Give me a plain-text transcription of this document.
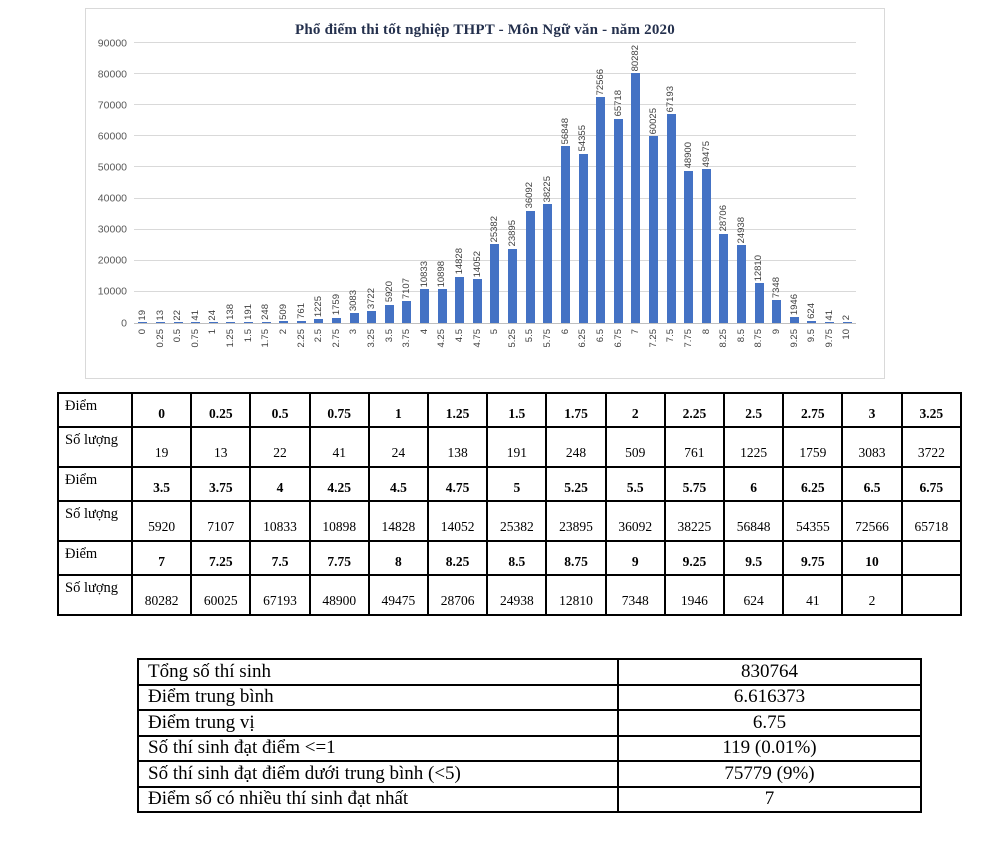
Phổ điểm thi tốt nghiệp THPT - Môn Ngữ văn - năm 2020
0
10000
20000
30000
40000
50000
60000
70000
80000
90000
19 13 22 41 24 138 191 248 509 761 1225 1759 3083 3722 5920 7107
10833 10898 14828 14052
25382 23895
36092 38225
56848 54355
72566
65718
80282
60025
67193
48900 49475
28706 24938
12810
7348
1946 624 41 2
0 0.25 0.5 0.75 1 1.25 1.5 1.75 2 2.25 2.5 2.75 3 3.25 3.5 3.75 4 4.25 4.5 4.75 5 5.25 5.5 5.75 6 6.25 6.5 6.75 7 7.25 7.5 7.75 8 8.25 8.5 8.75 9 9.25 9.5 9.75 10
Điểm	0	0.25	0.5	0.75	1	1.25	1.5	1.75	2	2.25	2.5	2.75	3	3.25
Số lượng	19	13	22	41	24	138	191	248	509	761	1225	1759	3083	3722
Điểm	3.5	3.75	4	4.25	4.5	4.75	5	5.25	5.5	5.75	6	6.25	6.5	6.75
Số lượng	5920	7107	10833	10898	14828	14052	25382	23895	36092	38225	56848	54355	72566	65718
Điểm	7	7.25	7.5	7.75	8	8.25	8.5	8.75	9	9.25	9.5	9.75	10	
Số lượng	80282	60025	67193	48900	49475	28706	24938	12810	7348	1946	624	41	2	
Tổng số thí sinh	830764
Điểm trung bình	6.616373
Điểm trung vị	6.75
Số thí sinh đạt điểm <=1	119 (0.01%)
Số thí sinh đạt điểm dưới trung bình (<5)	75779 (9%)
Điểm số có nhiều thí sinh đạt nhất	7
